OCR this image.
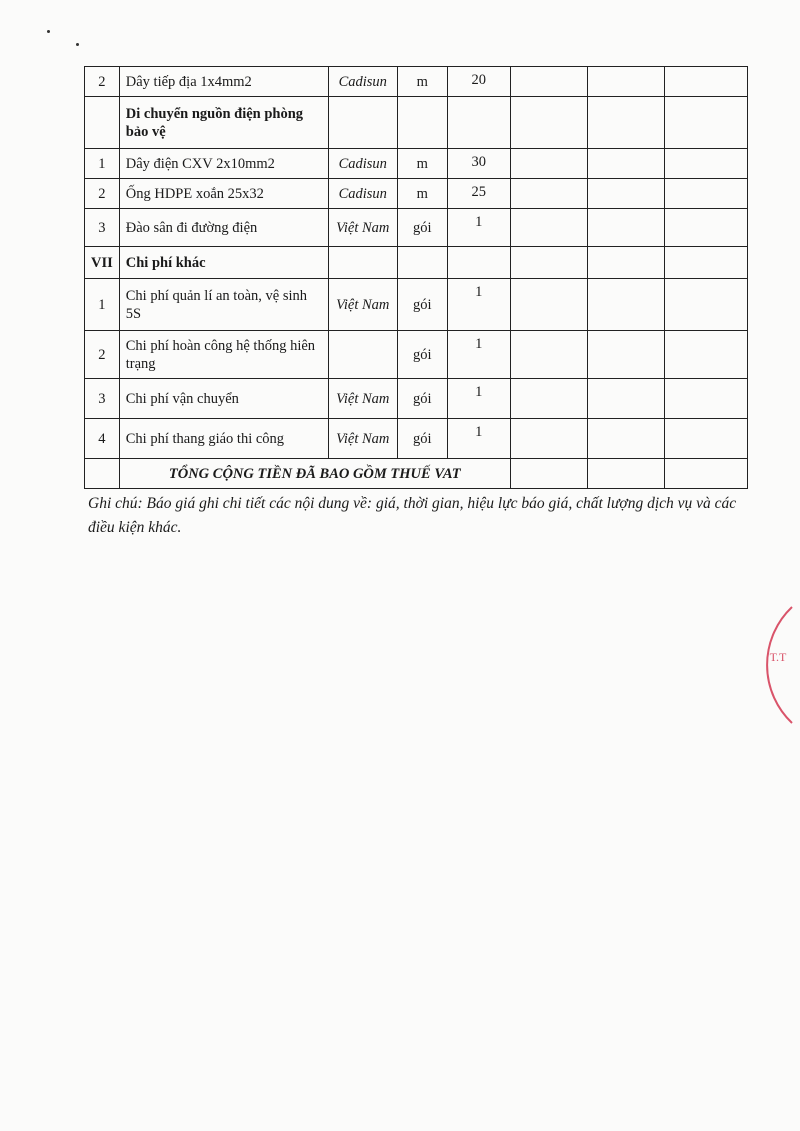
2	Dây tiếp địa 1x4mm2	Cadisun	m	20			
	Di chuyển nguồn điện phòng bảo vệ						
1	Dây điện CXV 2x10mm2	Cadisun	m	30			
2	Ống HDPE xoắn 25x32	Cadisun	m	25			
3	Đào sân đi đường điện	Việt Nam	gói	1			
VII	Chi phí khác						
1	Chi phí quản lí an toàn, vệ sinh 5S	Việt Nam	gói	1			
2	Chi phí hoàn công hệ thống hiên trạng		gói	1			
3	Chi phí vận chuyển	Việt Nam	gói	1			
4	Chi phí thang giáo thi công	Việt Nam	gói	1			
	TỔNG CỘNG TIỀN ĐÃ BAO GỒM THUẾ VAT						
Ghi chú: Báo giá ghi chi tiết các nội dung về: giá, thời gian, hiệu lực báo giá, chất lượng dịch vụ và các điều kiện khác.
T.T
